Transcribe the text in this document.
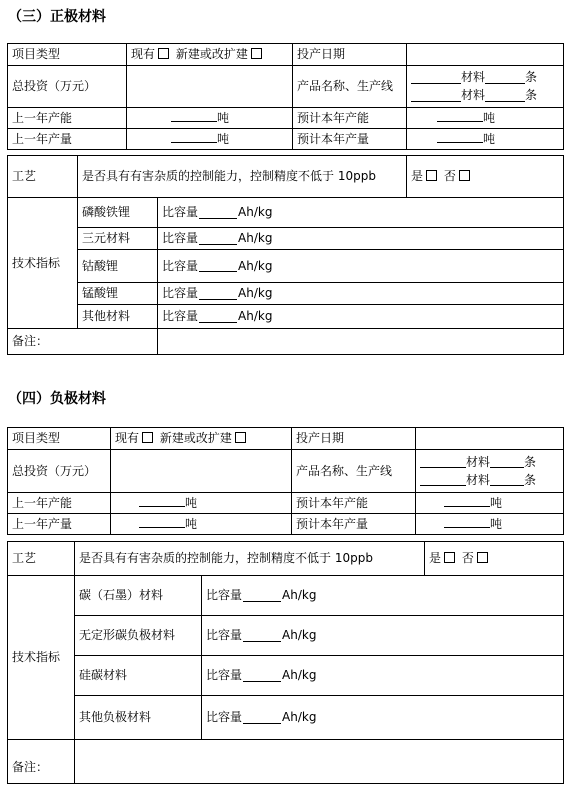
（三）正极材料
项目类型	现有 新建或改扩建	投产日期	
总投资（万元）		产品名称、生产线	材料 条
材料 条

上一年产能	吨	预计本年产能	吨
上一年产量	吨	预计本年产量	吨
工艺	是否具有有害杂质的控制能力，控制精度不低于 10ppb	是 否
技术指标	磷酸铁锂	比容量 Ah/kg

	三元材料	比容量 Ah/kg

	钴酸锂	比容量 Ah/kg

	锰酸锂	比容量 Ah/kg

	其他材料	比容量 Ah/kg

备注：		
（四）负极材料
项目类型	现有 新建或改扩建	投产日期	
总投资（万元）		产品名称、生产线	材料 条
材料 条

上一年产能	吨	预计本年产能	吨
上一年产量	吨	预计本年产量	吨
工艺	是否具有有害杂质的控制能力，控制精度不低于 10ppb	是 否
技术指标	碳（石墨）材料	比容量 Ah/kg

	无定形碳负极材料	比容量 Ah/kg

	硅碳材料	比容量 Ah/kg

	其他负极材料	比容量 Ah/kg

备注：		
